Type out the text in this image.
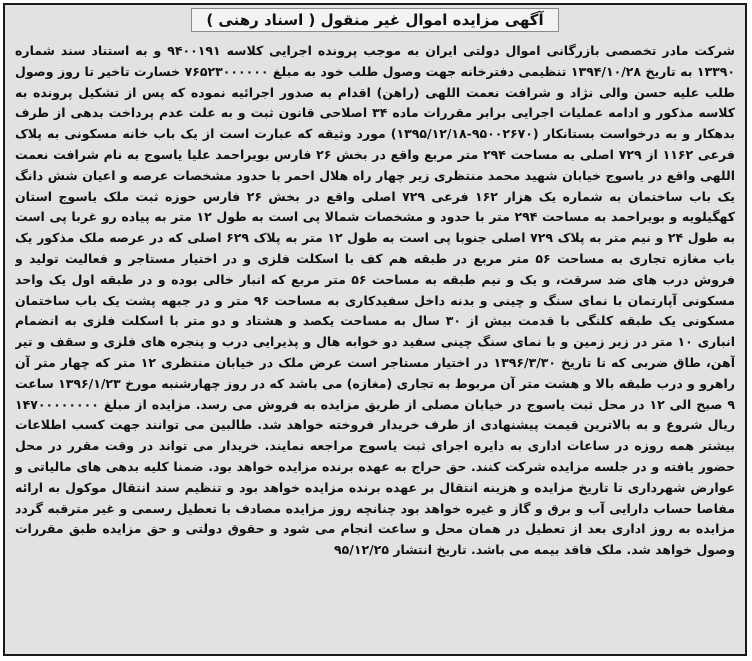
آگهی مزایده اموال غیر منقول ( اسناد رهنی )
شرکت مادر تخصصی بازرگانی اموال دولتی ایران به موجب پرونده اجرایی کلاسه ۹۴۰۰۱۹۱ و به استناد سند شماره ۱۳۳۹۰ به تاریخ ۱۳۹۴/۱۰/۲۸ تنظیمی دفترخانه جهت وصول طلب خود به مبلغ ۷۶۵۲۳۰۰۰۰۰۰ خسارت تاخیر تا روز وصول طلب علیه حسن والی نژاد و شرافت نعمت اللهی (راهن) اقدام به صدور اجرائیه نموده که پس از تشکیل پرونده به کلاسه مذکور و ادامه عملیات اجرایی برابر مقررات ماده ۳۴ اصلاحی قانون ثبت و به علت عدم پرداخت بدهی از طرف بدهکار و به درخواست بستانکار (۹۵۰۰۲۶۷۰-۱۳۹۵/۱۲/۱۸) مورد وثیقه که عبارت است از یک باب خانه مسکونی به پلاک فرعی ۱۱۶۲ از ۷۲۹ اصلی به مساحت ۲۹۴ متر مربع واقع در بخش ۲۶ فارس بویراحمد علیا یاسوج به نام شرافت نعمت اللهی واقع در یاسوج خیابان شهید محمد منتظری زیر چهار راه هلال احمر با حدود مشخصات عرصه و اعیان شش دانگ یک باب ساختمان به شماره یک هزار ۱۶۲ فرعی ۷۲۹ اصلی واقع در بخش ۲۶ فارس حوزه ثبت ملک یاسوج استان کهگیلویه و بویراحمد به مساحت ۲۹۴ متر با حدود و مشخصات شمالا پی است به طول ۱۲ متر به پیاده رو غربا پی است به طول ۲۴ و نیم متر به پلاک ۷۲۹ اصلی جنوبا پی است به طول ۱۲ متر به پلاک ۶۲۹ اصلی که در عرصه ملک مذکور یک باب مغازه تجاری به مساحت ۵۶ متر مربع در طبقه هم کف با اسکلت فلزی و در اختیار مستاجر و فعالیت تولید و فروش درب های ضد سرقت، و یک و نیم طبقه به مساحت ۵۶ متر مربع که انبار خالی بوده و در طبقه اول یک واحد مسکونی آپارتمان با نمای سنگ و چینی و بدنه داخل سفیدکاری به مساحت ۹۶ متر و در جبهه پشت یک باب ساختمان مسکونی یک طبقه کلنگی با قدمت بیش از ۳۰ سال به مساحت یکصد و هشتاد و دو متر با اسکلت فلزی به انضمام انباری ۱۰ متر در زیر زمین و با نمای سنگ چینی سفید دو خوابه هال و پذیرایی درب و پنجره های فلزی و سقف و تیر آهن، طاق ضربی که تا تاریخ ۱۳۹۶/۳/۳۰ در اختیار مستاجر است عرض ملک در خیابان منتظری ۱۲ متر که چهار متر آن راهرو و درب طبقه بالا و هشت متر آن مربوط به تجاری (مغازه) می باشد که در روز چهارشنبه مورخ ۱۳۹۶/۱/۲۳ ساعت ۹ صبح الی ۱۲ در محل ثبت یاسوج در خیابان مصلی از طریق مزایده به فروش می رسد. مزایده از مبلغ ۱۴۷۰۰۰۰۰۰۰۰ ریال شروع و به بالاترین قیمت پیشنهادی از طرف خریدار فروخته خواهد شد. طالبین می توانند جهت کسب اطلاعات بیشتر همه روزه در ساعات اداری به دایره اجرای ثبت یاسوج مراجعه نمایند. خریدار می تواند در وقت مقرر در محل حضور یافته و در جلسه مزایده شرکت کنند. حق حراج به عهده برنده مزایده خواهد بود. ضمنا کلیه بدهی های مالیاتی و عوارض شهرداری تا تاریخ مزایده و هزینه انتقال بر عهده برنده مزایده خواهد بود و تنظیم سند انتقال موکول به ارائه مفاصا حساب دارایی آب و برق و گاز و غیره خواهد بود چنانچه روز مزایده مصادف با تعطیل رسمی و غیر مترقبه گردد مزایده به روز اداری بعد از تعطیل در همان محل و ساعت انجام می شود و حقوق دولتی و حق مزایده طبق مقررات وصول خواهد شد. ملک فاقد بیمه می باشد. تاریخ انتشار ۹۵/۱۲/۲۵
